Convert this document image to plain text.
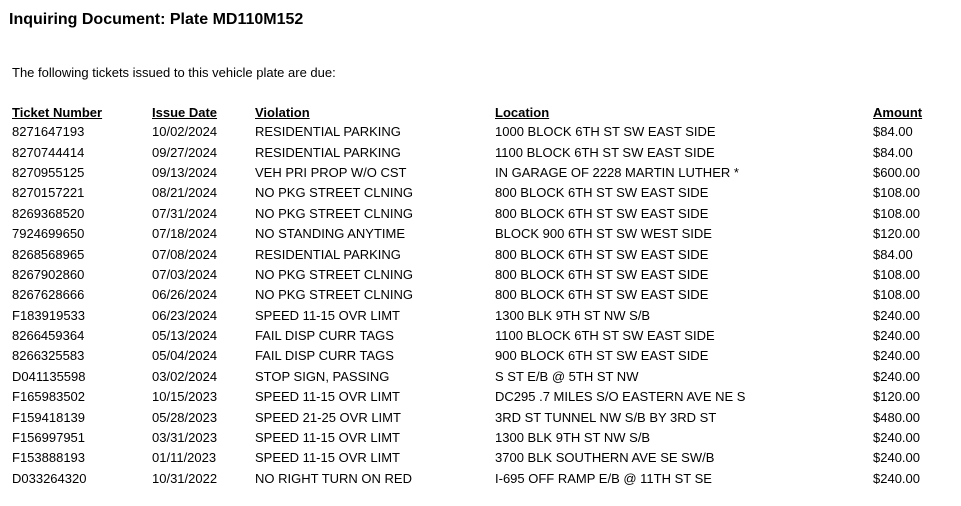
Inquiring Document: Plate MD110M152

The following tickets issued to this vehicle plate are due:

Ticket Number	Issue Date	Violation	Location	Amount
8271647193	10/02/2024	RESIDENTIAL PARKING	1000 BLOCK 6TH ST SW EAST SIDE	$84.00
8270744414	09/27/2024	RESIDENTIAL PARKING	1100 BLOCK 6TH ST SW EAST SIDE	$84.00
8270955125	09/13/2024	VEH PRI PROP W/O CST	IN GARAGE OF 2228 MARTIN LUTHER *	$600.00
8270157221	08/21/2024	NO PKG STREET CLNING	800 BLOCK 6TH ST SW EAST SIDE	$108.00
8269368520	07/31/2024	NO PKG STREET CLNING	800 BLOCK 6TH ST SW EAST SIDE	$108.00
7924699650	07/18/2024	NO STANDING ANYTIME	BLOCK 900 6TH ST SW WEST SIDE	$120.00
8268568965	07/08/2024	RESIDENTIAL PARKING	800 BLOCK 6TH ST SW EAST SIDE	$84.00
8267902860	07/03/2024	NO PKG STREET CLNING	800 BLOCK 6TH ST SW EAST SIDE	$108.00
8267628666	06/26/2024	NO PKG STREET CLNING	800 BLOCK 6TH ST SW EAST SIDE	$108.00
F183919533	06/23/2024	SPEED 11-15 OVR LIMT	1300 BLK 9TH ST NW S/B	$240.00
8266459364	05/13/2024	FAIL DISP CURR TAGS	1100 BLOCK 6TH ST SW EAST SIDE	$240.00
8266325583	05/04/2024	FAIL DISP CURR TAGS	900 BLOCK 6TH ST SW EAST SIDE	$240.00
D041135598	03/02/2024	STOP SIGN, PASSING	S ST E/B @ 5TH ST NW	$240.00
F165983502	10/15/2023	SPEED 11-15 OVR LIMT	DC295 .7 MILES S/O EASTERN AVE NE S	$120.00
F159418139	05/28/2023	SPEED 21-25 OVR LIMT	3RD ST TUNNEL NW S/B BY 3RD ST	$480.00
F156997951	03/31/2023	SPEED 11-15 OVR LIMT	1300 BLK 9TH ST NW S/B	$240.00
F153888193	01/11/2023	SPEED 11-15 OVR LIMT	3700 BLK SOUTHERN AVE SE SW/B	$240.00
D033264320	10/31/2022	NO RIGHT TURN ON RED	I-695 OFF RAMP E/B @ 11TH ST SE	$240.00
